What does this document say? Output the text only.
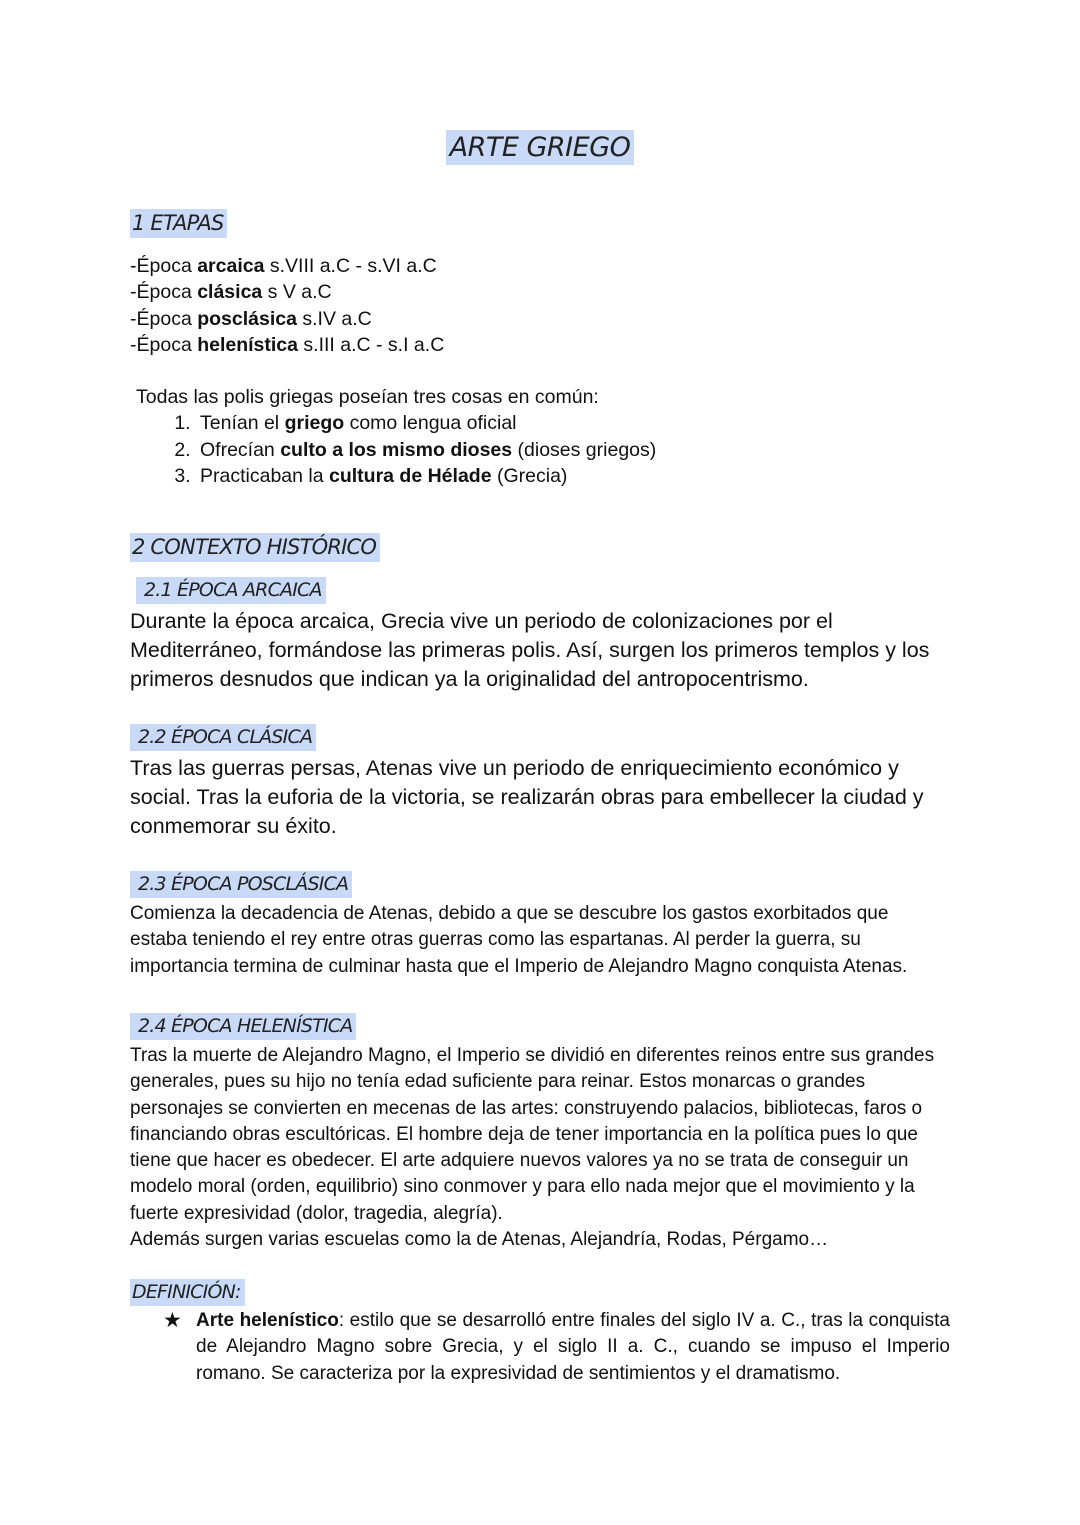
ARTE GRIEGO
1 ETAPAS
-Época arcaica s.VIII a.C - s.VI a.C
-Época clásica s V a.C
-Época posclásica s.IV a.C
-Época helenística s.III a.C - s.I a.C
Todas las polis griegas poseían tres cosas en común:
1. Tenían el griego como lengua oficial
2. Ofrecían culto a los mismo dioses (dioses griegos)
3. Practicaban la cultura de Hélade (Grecia)
2 CONTEXTO HISTÓRICO
2.1 ÉPOCA ARCAICA
Durante la época arcaica, Grecia vive un periodo de colonizaciones por el Mediterráneo, formándose las primeras polis. Así, surgen los primeros templos y los primeros desnudos que indican ya la originalidad del antropocentrismo.
2.2 ÉPOCA CLÁSICA
Tras las guerras persas, Atenas vive un periodo de enriquecimiento económico y social. Tras la euforia de la victoria, se realizarán obras para embellecer la ciudad y conmemorar su éxito.
2.3 ÉPOCA POSCLÁSICA
Comienza la decadencia de Atenas, debido a que se descubre los gastos exorbitados que estaba teniendo el rey entre otras guerras como las espartanas. Al perder la guerra, su importancia termina de culminar hasta que el Imperio de Alejandro Magno conquista Atenas.
2.4 ÉPOCA HELENÍSTICA
Tras la muerte de Alejandro Magno, el Imperio se dividió en diferentes reinos entre sus grandes generales, pues su hijo no tenía edad suficiente para reinar. Estos monarcas o grandes personajes se convierten en mecenas de las artes: construyendo palacios, bibliotecas, faros o financiando obras escultóricas. El hombre deja de tener importancia en la política pues lo que tiene que hacer es obedecer. El arte adquiere nuevos valores ya no se trata de conseguir un modelo moral (orden, equilibrio) sino conmover y para ello nada mejor que el movimiento y la fuerte expresividad (dolor, tragedia, alegría).
Además surgen varias escuelas como la de Atenas, Alejandría, Rodas, Pérgamo…
DEFINICIÓN:
★ Arte helenístico: estilo que se desarrolló entre finales del siglo IV a. C., tras la conquista de Alejandro Magno sobre Grecia, y el siglo II a. C., cuando se impuso el Imperio romano. Se caracteriza por la expresividad de sentimientos y el dramatismo.
